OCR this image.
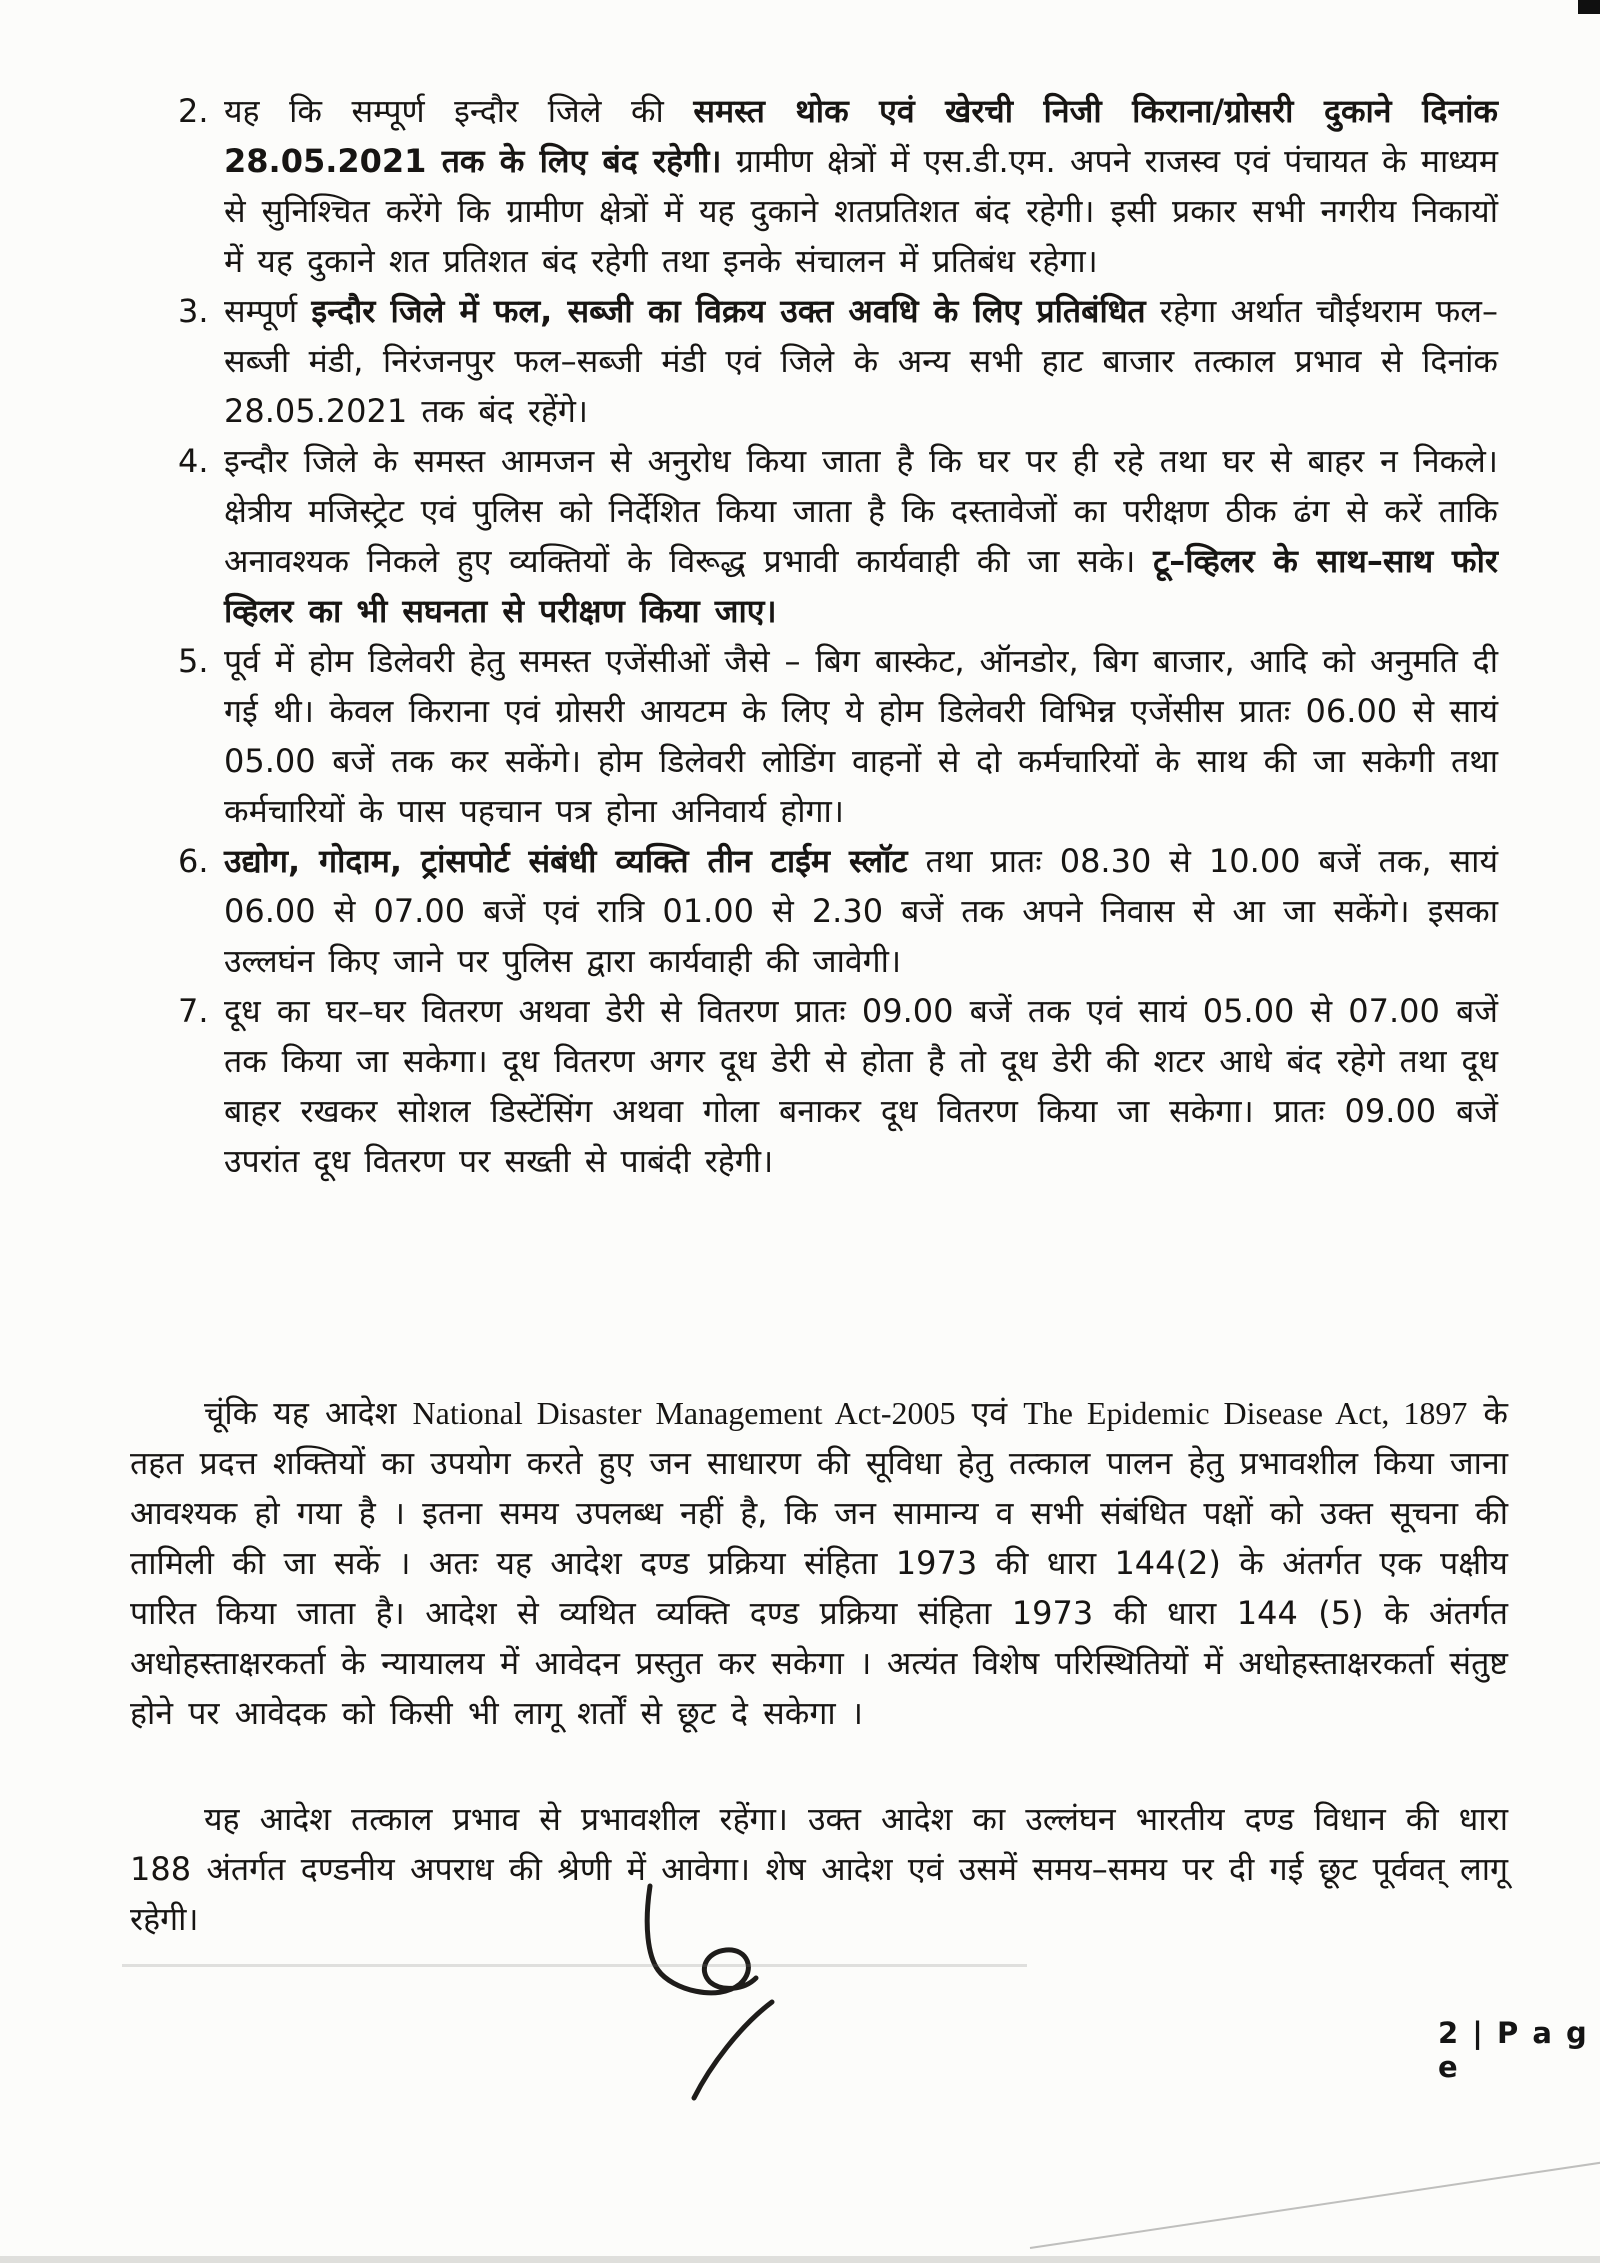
2. यह कि सम्पूर्ण इन्दौर जिले की समस्त थोक एवं खेरची निजी किराना/ग्रोसरी दुकाने दिनांक 28.05.2021 तक के लिए बंद रहेगी। ग्रामीण क्षेत्रों में एस.डी.एम. अपने राजस्व एवं पंचायत के माध्यम से सुनिश्चित करेंगे कि ग्रामीण क्षेत्रों में यह दुकाने शतप्रतिशत बंद रहेगी। इसी प्रकार सभी नगरीय निकायों में यह दुकाने शत प्रतिशत बंद रहेगी तथा इनके संचालन में प्रतिबंध रहेगा।
3. सम्पूर्ण इन्दौर जिले में फल, सब्जी का विक्रय उक्त अवधि के लिए प्रतिबंधित रहेगा अर्थात चौईथराम फल–सब्जी मंडी, निरंजनपुर फल–सब्जी मंडी एवं जिले के अन्य सभी हाट बाजार तत्काल प्रभाव से दिनांक 28.05.2021 तक बंद रहेंगे।
4. इन्दौर जिले के समस्त आमजन से अनुरोध किया जाता है कि घर पर ही रहे तथा घर से बाहर न निकले। क्षेत्रीय मजिस्ट्रेट एवं पुलिस को निर्देशित किया जाता है कि दस्तावेजों का परीक्षण ठीक ढंग से करें ताकि अनावश्यक निकले हुए व्यक्तियों के विरूद्ध प्रभावी कार्यवाही की जा सके। टू–व्हिलर के साथ–साथ फोर व्हिलर का भी सघनता से परीक्षण किया जाए।
5. पूर्व में होम डिलेवरी हेतु समस्त एजेंसीओं जैसे – बिग बास्केट, ऑनडोर, बिग बाजार, आदि को अनुमति दी गई थी। केवल किराना एवं ग्रोसरी आयटम के लिए ये होम डिलेवरी विभिन्न एजेंसीस प्रातः 06.00 से सायं 05.00 बजें तक कर सकेंगे। होम डिलेवरी लोडिंग वाहनों से दो कर्मचारियों के साथ की जा सकेगी तथा कर्मचारियों के पास पहचान पत्र होना अनिवार्य होगा।
6. उद्योग, गोदाम, ट्रांसपोर्ट संबंधी व्यक्ति तीन टाईम स्लॉट तथा प्रातः 08.30 से 10.00 बजें तक, सायं 06.00 से 07.00 बजें एवं रात्रि 01.00 से 2.30 बजें तक अपने निवास से आ जा सकेंगे। इसका उल्लघंन किए जाने पर पुलिस द्वारा कार्यवाही की जावेगी।
7. दूध का घर–घर वितरण अथवा डेरी से वितरण प्रातः 09.00 बजें तक एवं सायं 05.00 से 07.00 बजें तक किया जा सकेगा। दूध वितरण अगर दूध डेरी से होता है तो दूध डेरी की शटर आधे बंद रहेगे तथा दूध बाहर रखकर सोशल डिस्टेंसिंग अथवा गोला बनाकर दूध वितरण किया जा सकेगा। प्रातः 09.00 बजें उपरांत दूध वितरण पर सख्ती से पाबंदी रहेगी।
चूंकि यह आदेश National Disaster Management Act-2005 एवं The Epidemic Disease Act, 1897 के तहत प्रदत्त शक्तियों का उपयोग करते हुए जन साधारण की सूविधा हेतु तत्काल पालन हेतु प्रभावशील किया जाना आवश्यक हो गया है । इतना समय उपलब्ध नहीं है, कि जन सामान्य व सभी संबंधित पक्षों को उक्त सूचना की तामिली की जा सकें । अतः यह आदेश दण्ड प्रक्रिया संहिता 1973 की धारा 144(2) के अंतर्गत एक पक्षीय पारित किया जाता है। आदेश से व्यथित व्यक्ति दण्ड प्रक्रिया संहिता 1973 की धारा 144 (5) के अंतर्गत अधोहस्ताक्षरकर्ता के न्यायालय में आवेदन प्रस्तुत कर सकेगा । अत्यंत विशेष परिस्थितियों में अधोहस्ताक्षरकर्ता संतुष्ट होने पर आवेदक को किसी भी लागू शर्तों से छूट दे सकेगा ।
यह आदेश तत्काल प्रभाव से प्रभावशील रहेंगा। उक्त आदेश का उल्लंघन भारतीय दण्ड विधान की धारा 188 अंतर्गत दण्डनीय अपराध की श्रेणी में आवेगा। शेष आदेश एवं उसमें समय–समय पर दी गई छूट पूर्ववत् लागू रहेगी।
2 | P a g e
